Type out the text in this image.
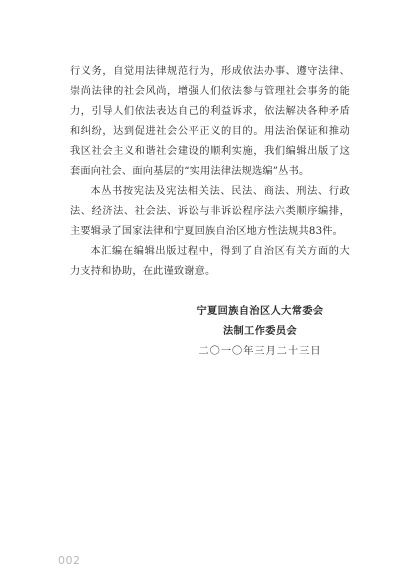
行义务，自觉用法律规范行为，形成依法办事、遵守法律、崇尚法律的社会风尚，增强人们依法参与管理社会事务的能力，引导人们依法表达自己的利益诉求，依法解决各种矛盾和纠纷，达到促进社会公平正义的目的。用法治保证和推动我区社会主义和谐社会建设的顺利实施，我们编辑出版了这套面向社会、面向基层的“实用法律法规选编”丛书。

本丛书按宪法及宪法相关法、民法、商法、刑法、行政法、经济法、社会法、诉讼与非诉讼程序法六类顺序编排，主要辑录了国家法律和宁夏回族自治区地方性法规共83件。

本汇编在编辑出版过程中，得到了自治区有关方面的大力支持和协助，在此谨致谢意。

宁夏回族自治区人大常委会
法制工作委员会
二〇一〇年三月二十三日
002
